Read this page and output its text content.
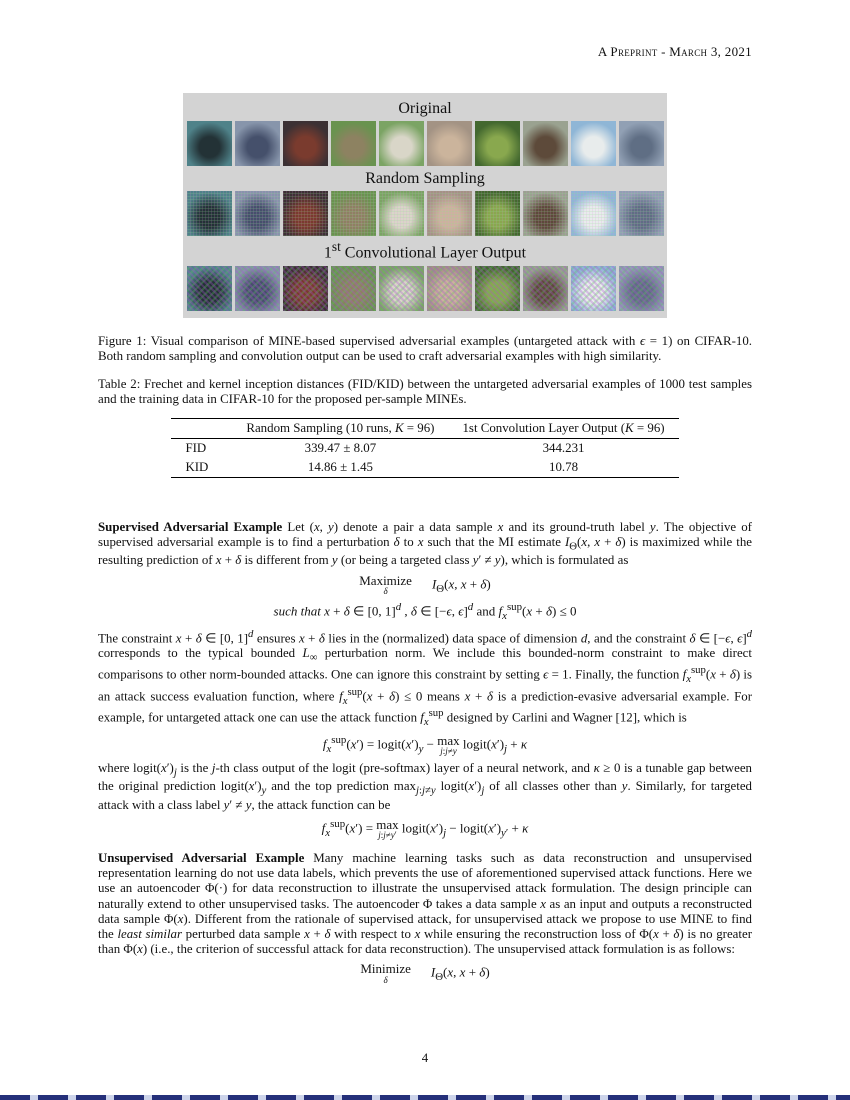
A Preprint - March 3, 2021
Original
Random Sampling
1st Convolutional Layer Output

Figure 1: Visual comparison of MINE-based supervised adversarial examples (untargeted attack with ϵ = 1) on CIFAR-10. Both random sampling and convolution output can be used to craft adversarial examples with high similarity.

Table 2: Frechet and kernel inception distances (FID/KID) between the untargeted adversarial examples of 1000 test samples and the training data in CIFAR-10 for the proposed per-sample MINEs.

	Random Sampling (10 runs, K = 96)	1st Convolution Layer Output (K = 96)
FID	339.47 ± 8.07	344.231
KID	14.86 ± 1.45	10.78

Supervised Adversarial Example Let (x, y) denote a pair a data sample x and its ground-truth label y. The objective of supervised adversarial example is to find a perturbation δ to x such that the MI estimate $I_\Theta(x$, x + δ) is maximized while the resulting prediction of x + δ is different from y (or being a targeted class y′ ≠ y), which is formulated as

Maximize
δ
$I_\Theta(x$, x + δ)
such that x + δ ∈ [0, 1]$^d$ , δ ∈ [−ϵ, ϵ]$^d$ and $f_x^{sup}(x + \delta) \le 0$

The constraint x + δ ∈ [0, 1]$^d$ ensures x + δ lies in the (normalized) data space of dimension d, and the constraint δ ∈ [−ϵ, ϵ]$^d$ corresponds to the typical bounded $L_\infty$ perturbation norm. We include this bounded-norm constraint to make direct comparisons to other norm-bounded attacks. One can ignore this constraint by setting ϵ = 1. Finally, the function $f_x^{sup}(x + \delta)$ is an attack success evaluation function, where $f_x^{sup}(x + \delta) \le 0$ means x + δ is a prediction-evasive adversarial example. For example, for untargeted attack one can use the attack function $f_x^{sup}$ designed by Carlini and Wagner [12], which is

$f_x^{sup}(x')$ = $logit(x')_y - \max$
j:j≠y
$logit(x')_j + \kappa$

where $logit(x')_j$ is the j-th class output of the logit (pre-softmax) layer of a neural network, and κ ≥ 0 is a tunable gap between the original prediction $logit(x')_y$ and the top prediction $\max_{j:j\ne y}$ $logit(x')_j$ of all classes other than y. Similarly, for targeted attack with a class label y′ ≠ y, the attack function can be

$f_x^{sup}(x') = \max$
j:j≠y′
$logit(x')_j$ − $logit(x')_{y'} + \kappa$

Unsupervised Adversarial Example Many machine learning tasks such as data reconstruction and unsupervised representation learning do not use data labels, which prevents the use of aforementioned supervised attack functions. Here we use an autoencoder Φ(·) for data reconstruction to illustrate the unsupervised attack formulation. The design principle can naturally extend to other unsupervised tasks. The autoencoder Φ takes a data sample x as an input and outputs a reconstructed data sample Φ(x). Different from the rationale of supervised attack, for unsupervised attack we propose to use MINE to find the least similar perturbed data sample x + δ with respect to x while ensuring the reconstruction loss of Φ(x + δ) is no greater than Φ(x) (i.e., the criterion of successful attack for data reconstruction). The unsupervised attack formulation is as follows:

Minimize
δ
$I_\Theta(x$, x + δ)
4
